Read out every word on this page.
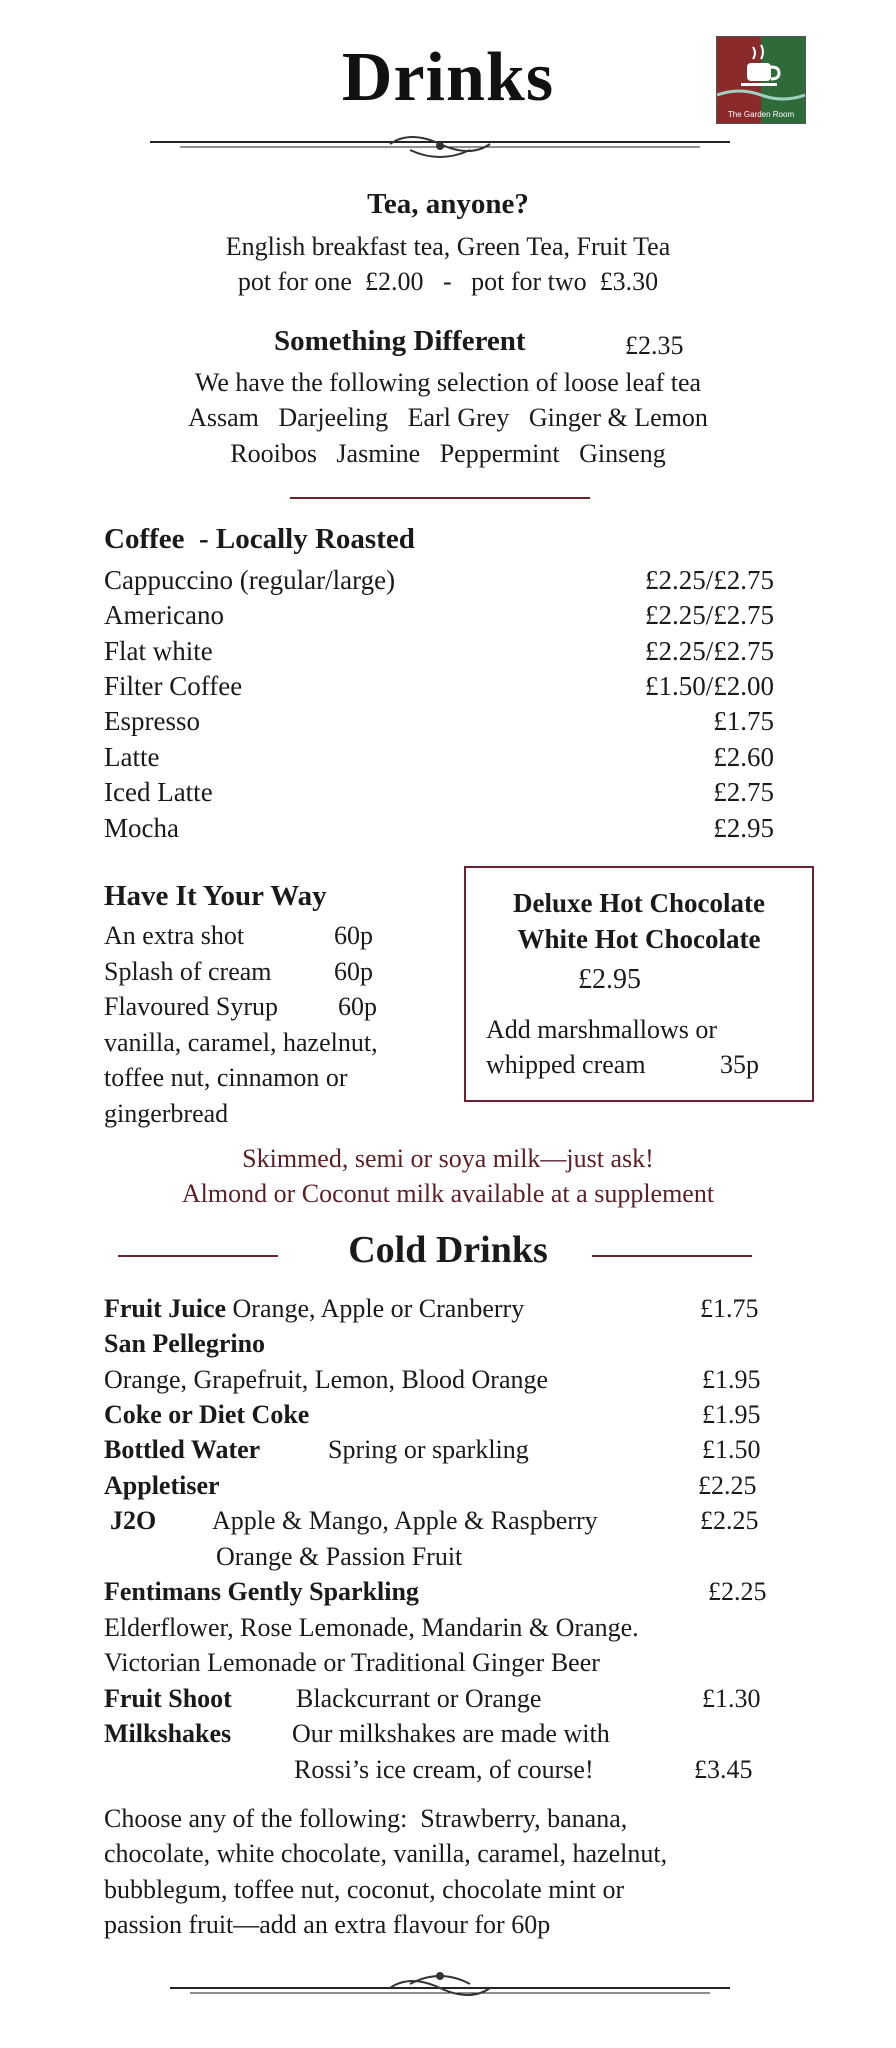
Drinks	The Garden Room
Tea, anyone?
English breakfast tea, Green Tea, Fruit Tea
pot for one  £2.00   -   pot for two  £3.30
Something Different	£2.35
We have the following selection of loose leaf tea
Assam   Darjeeling   Earl Grey   Ginger & Lemon
Rooibos   Jasmine   Peppermint   Ginseng
Coffee  - Locally Roasted
Cappuccino (regular/large)	£2.25/£2.75
Americano	£2.25/£2.75
Flat white	£2.25/£2.75
Filter Coffee	£1.50/£2.00
Espresso	£1.75
Latte	£2.60
Iced Latte	£2.75
Mocha	£2.95
Have It Your Way
An extra shot	60p
Splash of cream 60p
Flavoured Syrup 60p
vanilla, caramel, hazelnut,
toffee nut, cinnamon or
gingerbread
Deluxe Hot Chocolate
White Hot Chocolate
£2.95
Add marshmallows or
whipped cream	35p
Skimmed, semi or soya milk—just ask!
Almond or Coconut milk available at a supplement
Cold Drinks
Fruit Juice Orange, Apple or Cranberry	£1.75
San Pellegrino
Orange, Grapefruit, Lemon, Blood Orange	£1.95
Coke or Diet Coke	£1.95
Bottled Water	Spring or sparkling	£1.50
Appletiser	£2.25
J2O Apple & Mango, Apple & Raspberry	£2.25
Orange & Passion Fruit
Fentimans Gently Sparkling	£2.25
Elderflower, Rose Lemonade, Mandarin & Orange.
Victorian Lemonade or Traditional Ginger Beer
Fruit Shoot Blackcurrant or Orange	£1.30
Milkshakes Our milkshakes are made with
Rossi’s ice cream, of course!	£3.45
Choose any of the following:  Strawberry, banana,
chocolate, white chocolate, vanilla, caramel, hazelnut,
bubblegum, toffee nut, coconut, chocolate mint or
passion fruit—add an extra flavour for 60p
